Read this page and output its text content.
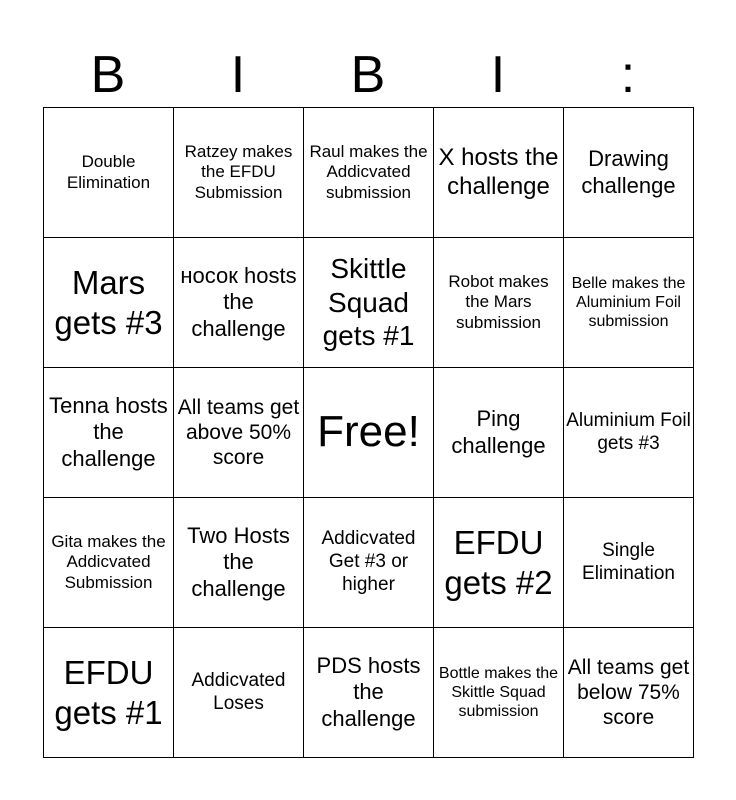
B	I	B	I	:
Double Elimination	Ratzey makes the EFDU Submission	Raul makes the Addicvated submission	X hosts the challenge	Drawing challenge
Mars gets #3	носок hosts the challenge	Skittle Squad gets #1	Robot makes the Mars submission	Belle makes the Aluminium Foil submission
Tenna hosts the challenge	All teams get above 50% score	Free!	Ping challenge	Aluminium Foil gets #3
Gita makes the Addicvated Submission	Two Hosts the challenge	Addicvated Get #3 or higher	EFDU gets #2	Single Elimination
EFDU gets #1	Addicvated Loses	PDS hosts the challenge	Bottle makes the Skittle Squad submission	All teams get below 75% score
